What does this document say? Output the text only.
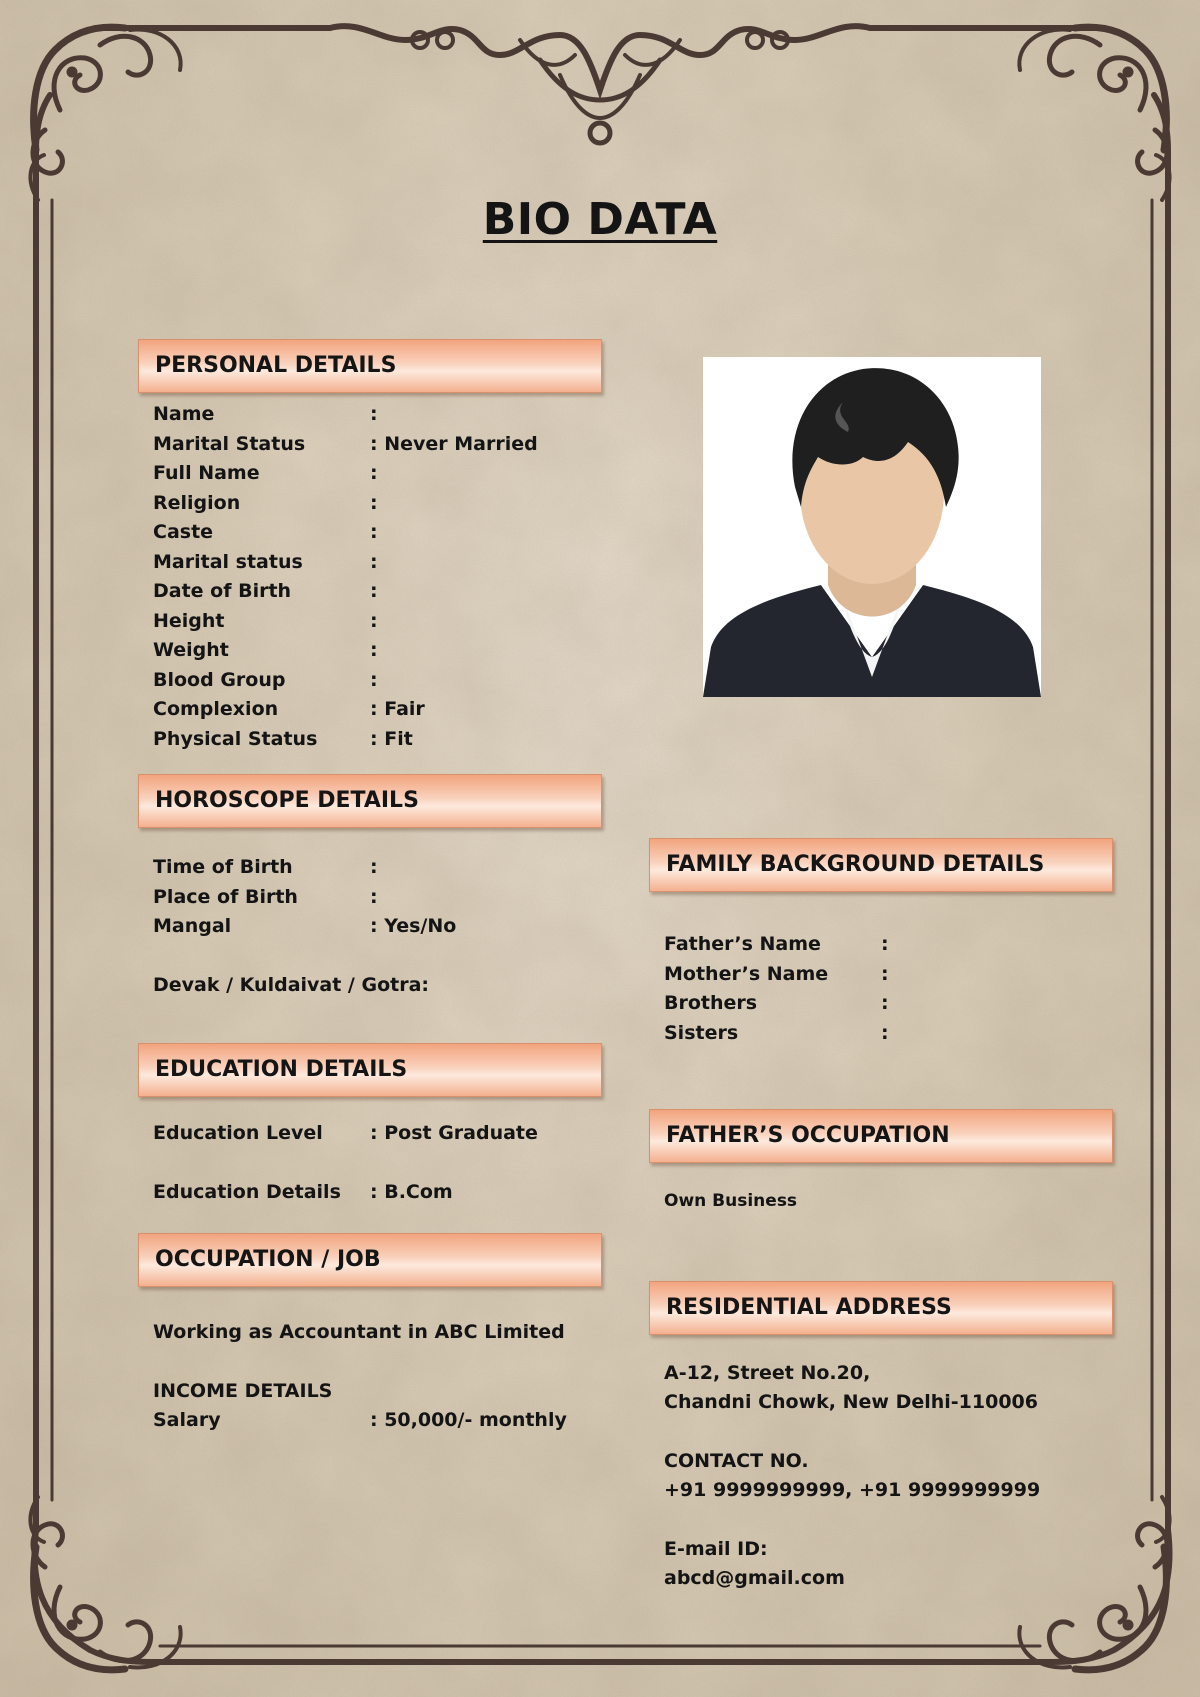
BIO DATA
PERSONAL DETAILS
Name	:
Marital Status	: Never Married
Full Name	:
Religion	:
Caste	:
Marital status	:
Date of Birth	:
Height	:
Weight	:
Blood Group	:
Complexion	: Fair
Physical Status	: Fit
HOROSCOPE DETAILS
Time of Birth	:
Place of Birth	:
Mangal	: Yes/No
Devak / Kuldaivat / Gotra:
EDUCATION DETAILS
Education Level : Post Graduate
Education Details : B.Com
OCCUPATION / JOB
Working as Accountant in ABC Limited
INCOME DETAILS
Salary	: 50,000/- monthly
FAMILY BACKGROUND DETAILS
Father’s Name	:
Mother’s Name	:
Brothers	:
Sisters	:
FATHER’S OCCUPATION
Own Business
RESIDENTIAL ADDRESS
A-12, Street No.20,
Chandni Chowk, New Delhi-110006
CONTACT NO.
+91 9999999999, +91 9999999999
E-mail ID:
abcd@gmail.com
